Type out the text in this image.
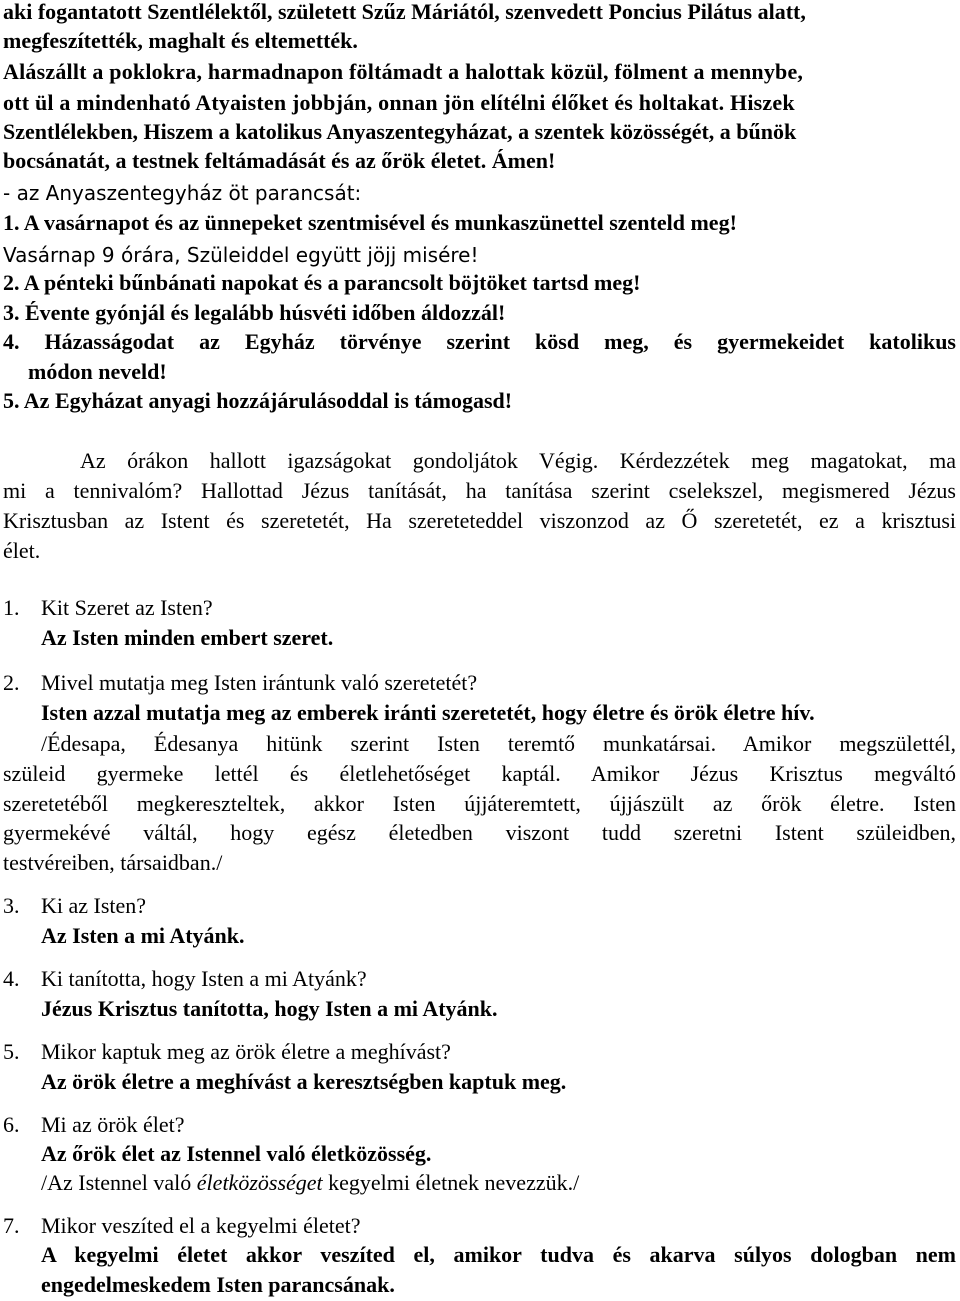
aki fogantatott Szentlélektől, született Szűz Máriától, szenvedett Poncius Pilátus alatt,
megfeszítették, maghalt és eltemették.
Alászállt a poklokra, harmadnapon föltámadt a halottak közül, fölment a mennybe,
ott ül a mindenható Atyaisten jobbján, onnan jön elítélni élőket és holtakat. Hiszek
Szentlélekben, Hiszem a katolikus Anyaszentegyházat, a szentek közösségét, a bűnök
bocsánatát, a testnek feltámadását és az őrök életet. Ámen!
- az Anyaszentegyház öt parancsát:
1. A vasárnapot és az ünnepeket szentmisével és munkaszünettel szenteld meg!
Vasárnap 9 órára, Szüleiddel együtt jöjj misére!
2. A pénteki bűnbánati napokat és a parancsolt böjtöket tartsd meg!
3. Évente gyónjál és legalább húsvéti időben áldozzál!
4. Házasságodat az Egyház törvénye szerint kösd meg, és gyermekeidet katolikus
módon neveld!
5. Az Egyházat anyagi hozzájárulásoddal is támogasd!
Az órákon hallott igazságokat gondoljátok Végig. Kérdezzétek meg magatokat, ma
mi a tennivalóm? Hallottad Jézus tanítását, ha tanítása szerint cselekszel, megismered Jézus
Krisztusban az Istent és szeretetét, Ha szereteteddel viszonzod az Ő szeretetét, ez a krisztusi
élet.
1. Kit Szeret az Isten?
Az Isten minden embert szeret.
2. Mivel mutatja meg Isten irántunk való szeretetét?
Isten azzal mutatja meg az emberek iránti szeretetét, hogy életre és örök életre hív.
/Édesapa, Édesanya hitünk szerint Isten teremtő munkatársai. Amikor megszülettél,
szüleid gyermeke lettél és életlehetőséget kaptál. Amikor Jézus Krisztus megváltó
szeretetéből megkereszteltek, akkor Isten újjáteremtett, újjászült az őrök életre. Isten
gyermekévé váltál, hogy egész életedben viszont tudd szeretni Istent szüleidben,
testvéreiben, társaidban./
3. Ki az Isten?
Az Isten a mi Atyánk.
4. Ki tanította, hogy Isten a mi Atyánk?
Jézus Krisztus tanította, hogy Isten a mi Atyánk.
5. Mikor kaptuk meg az örök életre a meghívást?
Az örök életre a meghívást a keresztségben kaptuk meg.
6. Mi az örök élet?
Az őrök élet az Istennel való életközösség.
/Az Istennel való életközösséget kegyelmi életnek nevezzük./
7. Mikor veszíted el a kegyelmi életet?
A kegyelmi életet akkor veszíted el, amikor tudva és akarva súlyos dologban nem
engedelmeskedem Isten parancsának.
